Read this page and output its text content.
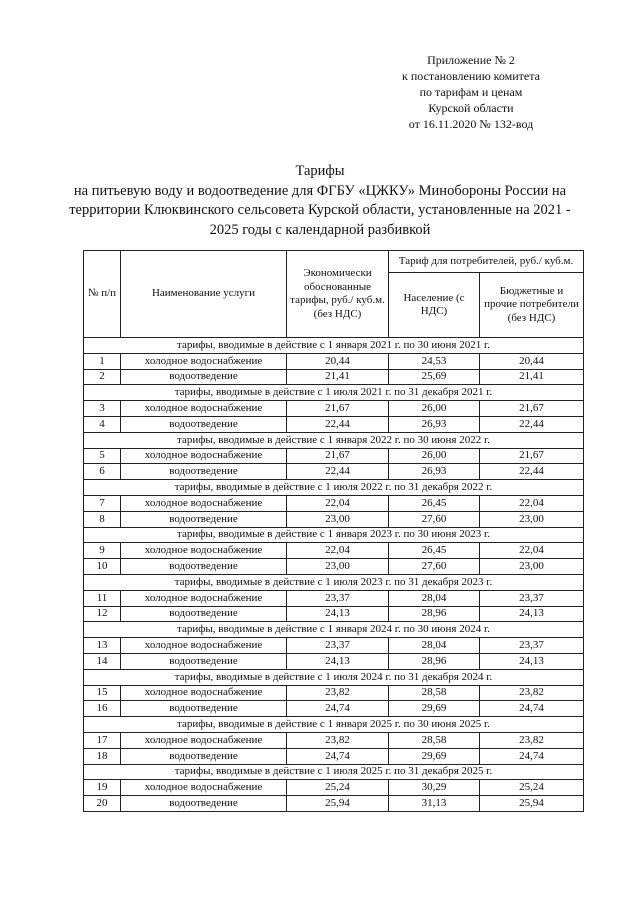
Приложение № 2
к постановлению комитета
по тарифам и ценам
Курской области
от 16.11.2020 № 132-вод
Тарифы
на питьевую воду и водоотведение для ФГБУ «ЦЖКУ» Минобороны России на
территории Клюквинского сельсовета Курской области, установленные на 2021 -
2025 годы с календарной разбивкой
№ п/п	Наименование услуги	Экономически обоснованные тарифы, руб./ куб.м. (без НДС)	Тариф для потребителей, руб./ куб.м.	
			Население (с НДС)	Бюджетные и прочие потребители (без НДС)
тарифы, вводимые в действие с 1 января 2021 г. по 30 июня 2021 г.				
1	холодное водоснабжение	20,44	24,53	20,44
2	водоотведение	21,41	25,69	21,41
тарифы, вводимые в действие с 1 июля 2021 г. по 31 декабря 2021 г.				
3	холодное водоснабжение	21,67	26,00	21,67
4	водоотведение	22,44	26,93	22,44
тарифы, вводимые в действие с 1 января 2022 г. по 30 июня 2022 г.				
5	холодное водоснабжение	21,67	26,00	21,67
6	водоотведение	22,44	26,93	22,44
тарифы, вводимые в действие с 1 июля 2022 г. по 31 декабря 2022 г.				
7	холодное водоснабжение	22,04	26,45	22,04
8	водоотведение	23,00	27,60	23,00
тарифы, вводимые в действие с 1 января 2023 г. по 30 июня 2023 г.				
9	холодное водоснабжение	22,04	26,45	22,04
10	водоотведение	23,00	27,60	23,00
тарифы, вводимые в действие с 1 июля 2023 г. по 31 декабря 2023 г.				
11	холодное водоснабжение	23,37	28,04	23,37
12	водоотведение	24,13	28,96	24,13
тарифы, вводимые в действие с 1 января 2024 г. по 30 июня 2024 г.				
13	холодное водоснабжение	23,37	28,04	23,37
14	водоотведение	24,13	28,96	24,13
тарифы, вводимые в действие с 1 июля 2024 г. по 31 декабря 2024 г.				
15	холодное водоснабжение	23,82	28,58	23,82
16	водоотведение	24,74	29,69	24,74
тарифы, вводимые в действие с 1 января 2025 г. по 30 июня 2025 г.				
17	холодное водоснабжение	23,82	28,58	23,82
18	водоотведение	24,74	29,69	24,74
тарифы, вводимые в действие с 1 июля 2025 г. по 31 декабря 2025 г.				
19	холодное водоснабжение	25,24	30,29	25,24
20	водоотведение	25,94	31,13	25,94
